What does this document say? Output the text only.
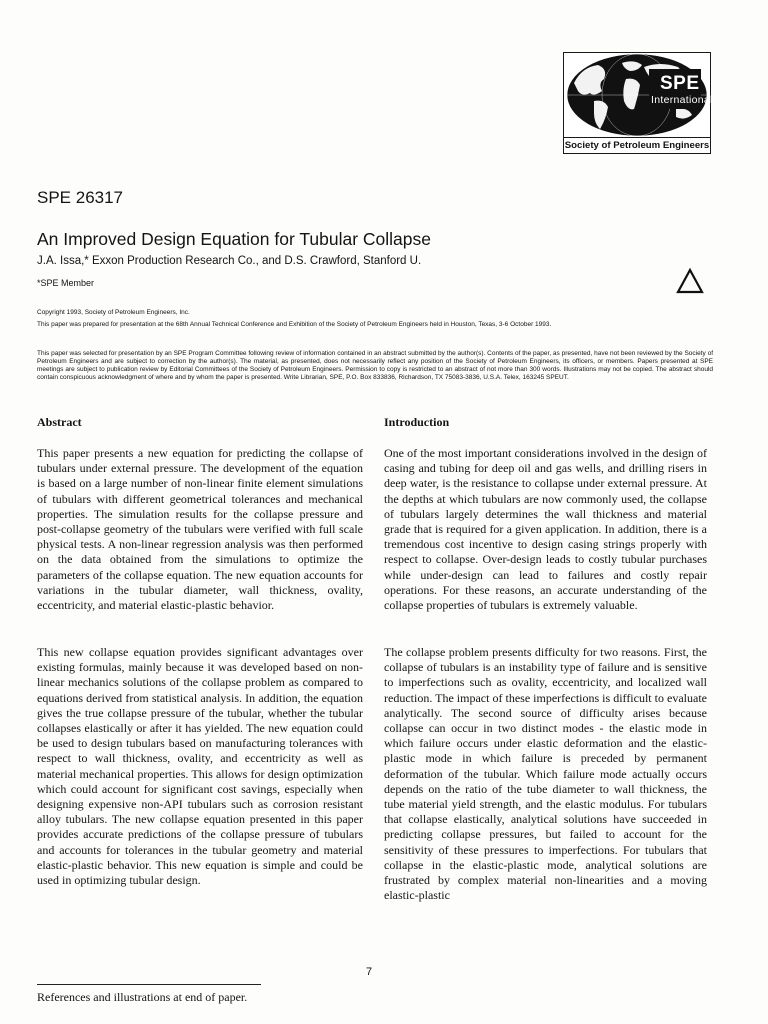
SPE
International
Society of Petroleum Engineers
SPE 26317
An Improved Design Equation for Tubular Collapse
J.A. Issa,* Exxon Production Research Co., and D.S. Crawford, Stanford U.
*SPE Member
Copyright 1993, Society of Petroleum Engineers, Inc.
This paper was prepared for presentation at the 68th Annual Technical Conference and Exhibition of the Society of Petroleum Engineers held in Houston, Texas, 3-6 October 1993.
This paper was selected for presentation by an SPE Program Committee following review of information contained in an abstract submitted by the author(s). Contents of the paper, as presented, have not been reviewed by the Society of Petroleum Engineers and are subject to correction by the author(s). The material, as presented, does not necessarily reflect any position of the Society of Petroleum Engineers, its officers, or members. Papers presented at SPE meetings are subject to publication review by Editorial Committees of the Society of Petroleum Engineers. Permission to copy is restricted to an abstract of not more than 300 words. Illustrations may not be copied. The abstract should contain conspicuous acknowledgment of where and by whom the paper is presented. Write Librarian, SPE, P.O. Box 833836, Richardson, TX 75083-3836, U.S.A. Telex, 163245 SPEUT.
Abstract	Introduction

This paper presents a new equation for predicting the collapse of tubulars under external pressure. The development of the equation is based on a large number of non-linear finite element simulations of tubulars with different geometrical tolerances and mechanical properties. The simulation results for the collapse pressure and post-collapse geometry of the tubulars were verified with full scale physical tests. A non-linear regression analysis was then performed on the data obtained from the simulations to optimize the parameters of the collapse equation. The new equation accounts for variations in the tubular diameter, wall thickness, ovality, eccentricity, and material elastic-plastic behavior.

This new collapse equation provides significant advantages over existing formulas, mainly because it was developed based on non-linear mechanics solutions of the collapse problem as compared to equations derived from statistical analysis. In addition, the equation gives the true collapse pressure of the tubular, whether the tubular collapses elastically or after it has yielded. The new equation could be used to design tubulars based on manufacturing tolerances with respect to wall thickness, ovality, and eccentricity as well as material mechanical properties. This allows for design optimization which could account for significant cost savings, especially when designing expensive non-API tubulars such as corrosion resistant alloy tubulars. The new collapse equation presented in this paper provides accurate predictions of the collapse pressure of tubulars and accounts for tolerances in the tubular geometry and material elastic-plastic behavior. This new equation is simple and could be used in optimizing tubular design.

One of the most important considerations involved in the design of casing and tubing for deep oil and gas wells, and drilling risers in deep water, is the resistance to collapse under external pressure. At the depths at which tubulars are now commonly used, the collapse of tubulars largely determines the wall thickness and material grade that is required for a given application. In addition, there is a tremendous cost incentive to design casing strings properly with respect to collapse. Over-design leads to costly tubular purchases while under-design can lead to failures and costly repair operations. For these reasons, an accurate understanding of the collapse properties of tubulars is extremely valuable.

The collapse problem presents difficulty for two reasons. First, the collapse of tubulars is an instability type of failure and is sensitive to imperfections such as ovality, eccentricity, and localized wall reduction. The impact of these imperfections is difficult to evaluate analytically. The second source of difficulty arises because collapse can occur in two distinct modes - the elastic mode in which failure occurs under elastic deformation and the elastic-plastic mode in which failure is preceded by permanent deformation of the tubular. Which failure mode actually occurs depends on the ratio of the tube diameter to wall thickness, the tube material yield strength, and the elastic modulus. For tubulars that collapse elastically, analytical solutions have succeeded in predicting collapse pressures, but failed to account for the sensitivity of these pressures to imperfections. For tubulars that collapse in the elastic-plastic mode, analytical solutions are frustrated by complex material non-linearities and a moving elastic-plastic

7
References and illustrations at end of paper.
